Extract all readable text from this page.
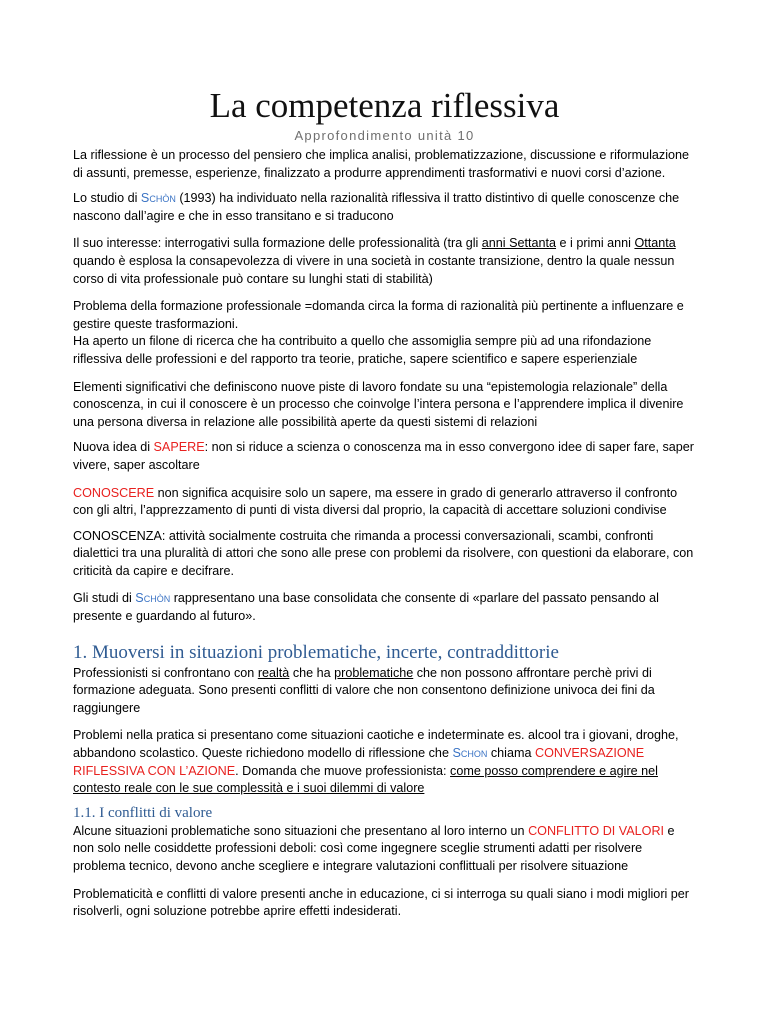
La competenza riflessiva
Approfondimento unità 10

La riflessione è un processo del pensiero che implica analisi, problematizzazione, discussione e riformulazione di assunti, premesse, esperienze, finalizzato a produrre apprendimenti trasformativi e nuovi corsi d’azione.

Lo studio di Schòn (1993) ha individuato nella razionalità riflessiva il tratto distintivo di quelle conoscenze che nascono dall’agire e che in esso transitano e si traducono

Il suo interesse: interrogativi sulla formazione delle professionalità (tra gli anni Settanta e i primi anni Ottanta quando è esplosa la consapevolezza di vivere in una società in costante transizione, dentro la quale nessun corso di vita professionale può contare su lunghi stati di stabilità)

Problema della formazione professionale =domanda circa la forma di razionalità più pertinente a influenzare e gestire queste trasformazioni.
Ha aperto un filone di ricerca che ha contribuito a quello che assomiglia sempre più ad una rifondazione riflessiva delle professioni e del rapporto tra teorie, pratiche, sapere scientifico e sapere esperienziale

Elementi significativi che definiscono nuove piste di lavoro fondate su una “epistemologia relazionale” della conoscenza, in cui il conoscere è un processo che coinvolge l’intera persona e l’apprendere implica il divenire una persona diversa in relazione alle possibilità aperte da questi sistemi di relazioni

Nuova idea di SAPERE: non si riduce a scienza o conoscenza ma in esso convergono idee di saper fare, saper vivere, saper ascoltare

CONOSCERE non significa acquisire solo un sapere, ma essere in grado di generarlo attraverso il confronto con gli altri, l’apprezzamento di punti di vista diversi dal proprio, la capacità di accettare soluzioni condivise

CONOSCENZA: attività socialmente costruita che rimanda a processi conversazionali, scambi, confronti dialettici tra una pluralità di attori che sono alle prese con problemi da risolvere, con questioni da elaborare, con criticità da capire e decifrare.

Gli studi di Schòn rappresentano una base consolidata che consente di «parlare del passato pensando al presente e guardando al futuro».

1. Muoversi in situazioni problematiche, incerte, contraddittorie

Professionisti si confrontano con realtà che ha problematiche che non possono affrontare perchè privi di formazione adeguata. Sono presenti conflitti di valore che non consentono definizione univoca dei fini da raggiungere

Problemi nella pratica si presentano come situazioni caotiche e indeterminate es. alcool tra i giovani, droghe, abbandono scolastico. Queste richiedono modello di riflessione che Schon chiama CONVERSAZIONE RIFLESSIVA CON L’AZIONE. Domanda che muove professionista: come posso comprendere e agire nel contesto reale con le sue complessità e i suoi dilemmi di valore

1.1. I conflitti di valore

Alcune situazioni problematiche sono situazioni che presentano al loro interno un CONFLITTO DI VALORI e non solo nelle cosiddette professioni deboli: così come ingegnere sceglie strumenti adatti per risolvere problema tecnico, devono anche scegliere e integrare valutazioni conflittuali per risolvere situazione

Problematicità e conflitti di valore presenti anche in educazione, ci si interroga su quali siano i modi migliori per risolverli, ogni soluzione potrebbe aprire effetti indesiderati.
